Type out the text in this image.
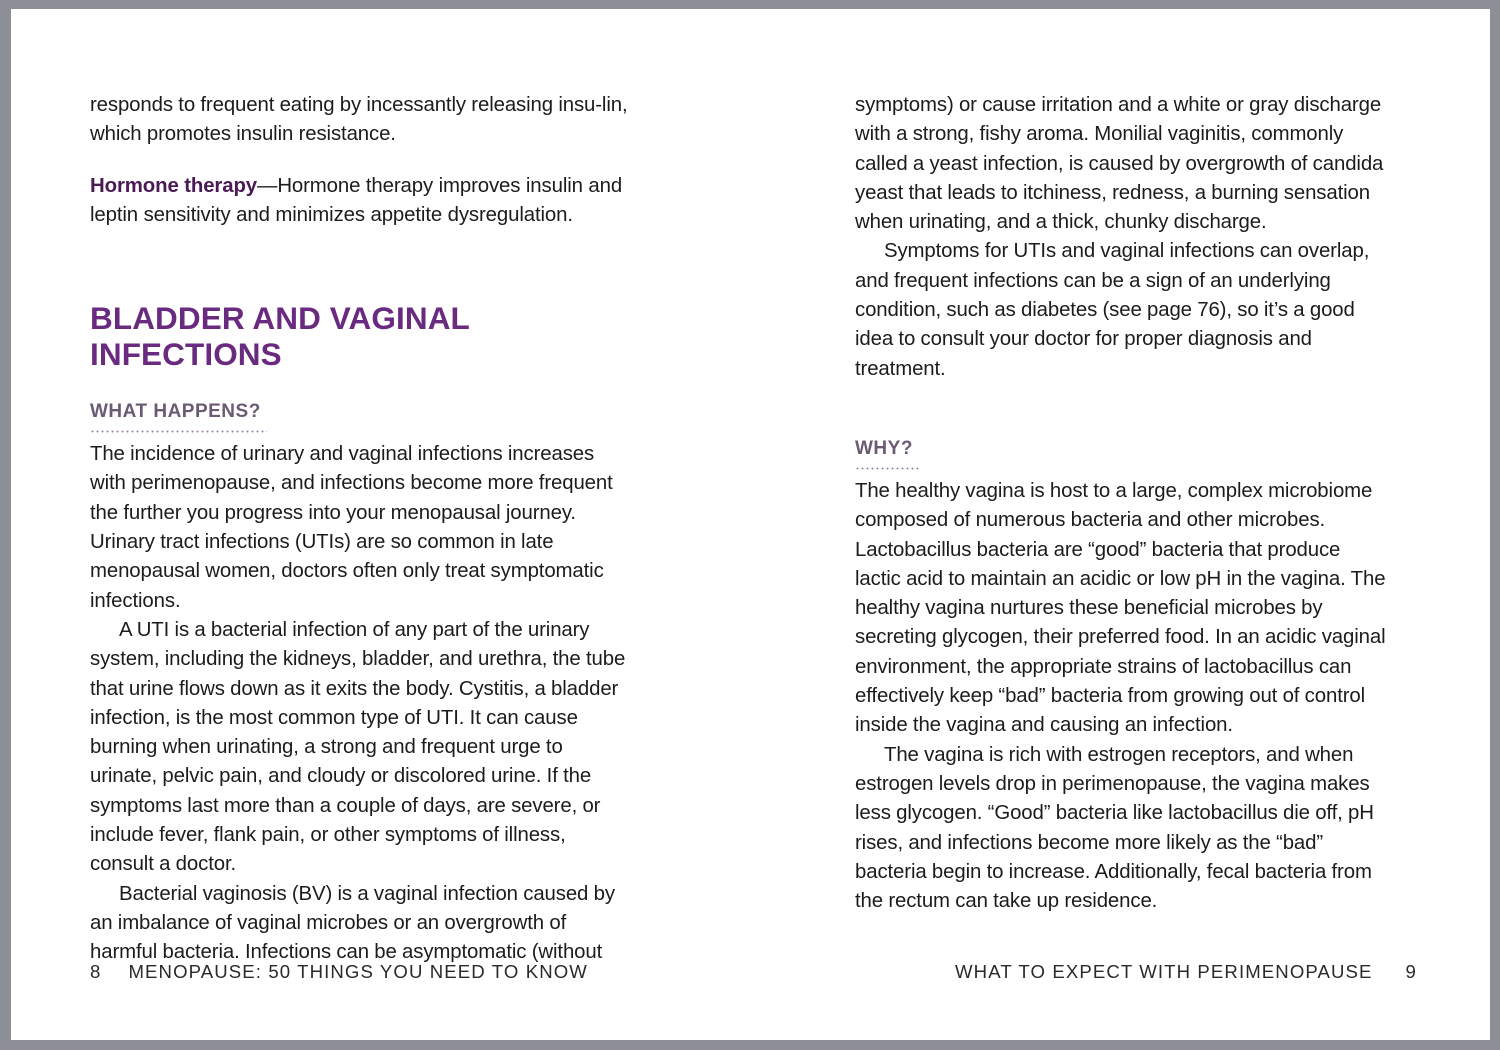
responds to frequent eating by incessantly releasing insu-lin, which promotes insulin resistance.

Hormone therapy—Hormone therapy improves insulin and leptin sensitivity and minimizes appetite dysregulation.

BLADDER AND VAGINAL INFECTIONS
WHAT HAPPENS?

The incidence of urinary and vaginal infections increases with perimenopause, and infections become more frequent the further you progress into your menopausal journey. Urinary tract infections (UTIs) are so common in late menopausal women, doctors often only treat symptomatic infections.

A UTI is a bacterial infection of any part of the urinary system, including the kidneys, bladder, and urethra, the tube that urine flows down as it exits the body. Cystitis, a bladder infection, is the most common type of UTI. It can cause burning when urinating, a strong and frequent urge to urinate, pelvic pain, and cloudy or discolored urine. If the symptoms last more than a couple of days, are severe, or include fever, flank pain, or other symptoms of illness, consult a doctor.

Bacterial vaginosis (BV) is a vaginal infection caused by an imbalance of vaginal microbes or an overgrowth of harmful bacteria. Infections can be asymptomatic (without

8 MENOPAUSE: 50 THINGS YOU NEED TO KNOW

symptoms) or cause irritation and a white or gray discharge with a strong, fishy aroma. Monilial vaginitis, commonly called a yeast infection, is caused by overgrowth of candida yeast that leads to itchiness, redness, a burning sensation when urinating, and a thick, chunky discharge.

Symptoms for UTIs and vaginal infections can overlap, and frequent infections can be a sign of an underlying condition, such as diabetes (see page 76), so it’s a good idea to consult your doctor for proper diagnosis and treatment.

WHY?

The healthy vagina is host to a large, complex microbiome composed of numerous bacteria and other microbes. Lactobacillus bacteria are “good” bacteria that produce lactic acid to maintain an acidic or low pH in the vagina. The healthy vagina nurtures these beneficial microbes by secreting glycogen, their preferred food. In an acidic vaginal environment, the appropriate strains of lactobacillus can effectively keep “bad” bacteria from growing out of control inside the vagina and causing an infection.

The vagina is rich with estrogen receptors, and when estrogen levels drop in perimenopause, the vagina makes less glycogen. “Good” bacteria like lactobacillus die off, pH rises, and infections become more likely as the “bad” bacteria begin to increase. Additionally, fecal bacteria from the rectum can take up residence.

WHAT TO EXPECT WITH PERIMENOPAUSE 9
